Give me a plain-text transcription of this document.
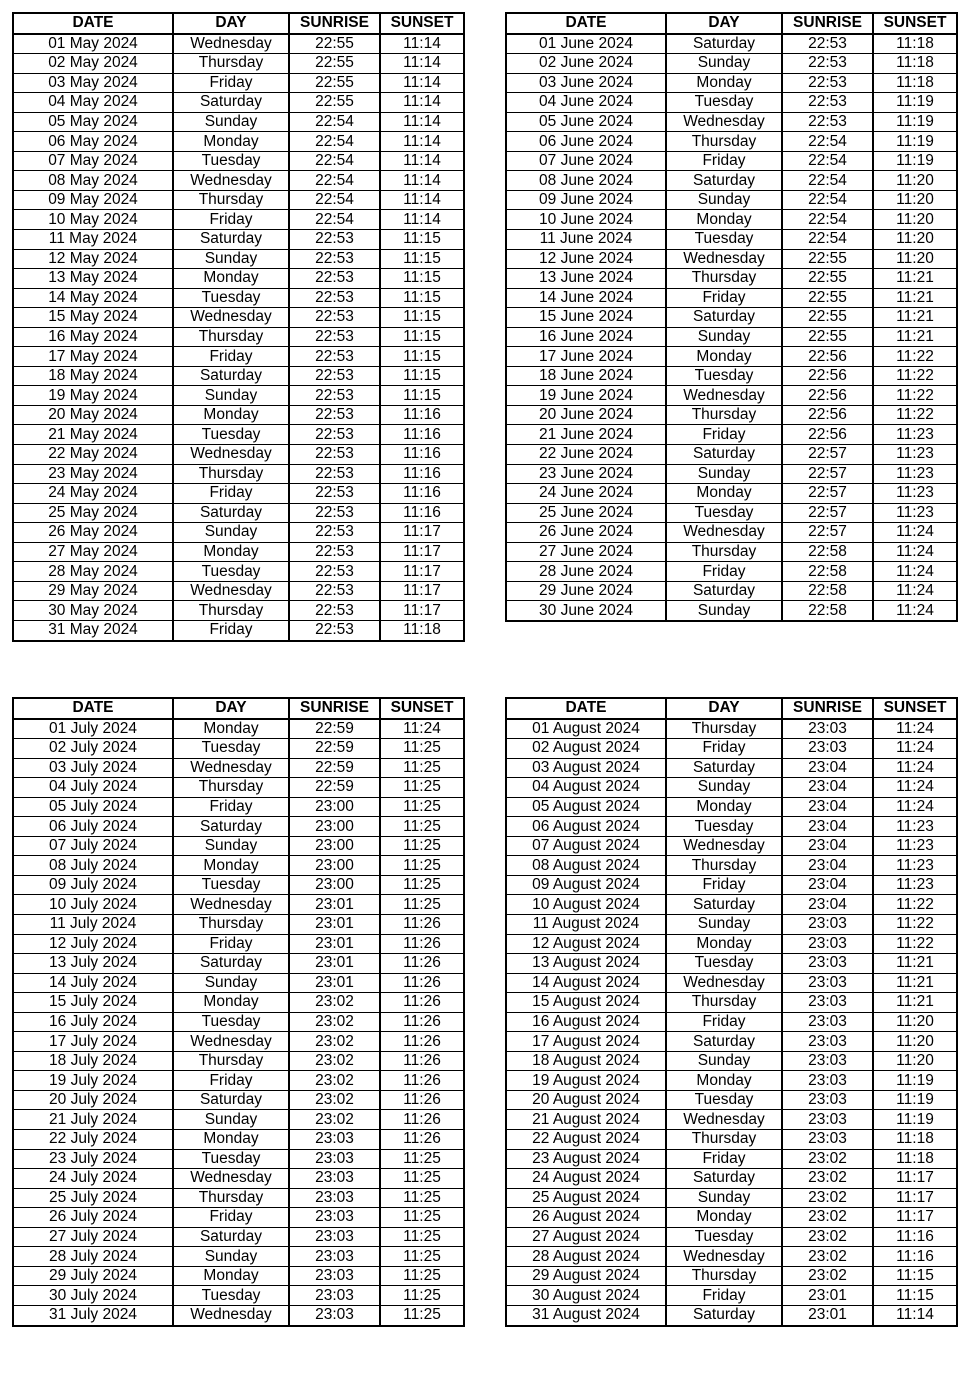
DATE	DAY	SUNRISE	SUNSET
01 May 2024	Wednesday	22:55	11:14
02 May 2024	Thursday	22:55	11:14
03 May 2024	Friday	22:55	11:14
04 May 2024	Saturday	22:55	11:14
05 May 2024	Sunday	22:54	11:14
06 May 2024	Monday	22:54	11:14
07 May 2024	Tuesday	22:54	11:14
08 May 2024	Wednesday	22:54	11:14
09 May 2024	Thursday	22:54	11:14
10 May 2024	Friday	22:54	11:14
11 May 2024	Saturday	22:53	11:15
12 May 2024	Sunday	22:53	11:15
13 May 2024	Monday	22:53	11:15
14 May 2024	Tuesday	22:53	11:15
15 May 2024	Wednesday	22:53	11:15
16 May 2024	Thursday	22:53	11:15
17 May 2024	Friday	22:53	11:15
18 May 2024	Saturday	22:53	11:15
19 May 2024	Sunday	22:53	11:15
20 May 2024	Monday	22:53	11:16
21 May 2024	Tuesday	22:53	11:16
22 May 2024	Wednesday	22:53	11:16
23 May 2024	Thursday	22:53	11:16
24 May 2024	Friday	22:53	11:16
25 May 2024	Saturday	22:53	11:16
26 May 2024	Sunday	22:53	11:17
27 May 2024	Monday	22:53	11:17
28 May 2024	Tuesday	22:53	11:17
29 May 2024	Wednesday	22:53	11:17
30 May 2024	Thursday	22:53	11:17
31 May 2024	Friday	22:53	11:18
DATE	DAY	SUNRISE	SUNSET
01 June 2024	Saturday	22:53	11:18
02 June 2024	Sunday	22:53	11:18
03 June 2024	Monday	22:53	11:18
04 June 2024	Tuesday	22:53	11:19
05 June 2024	Wednesday	22:53	11:19
06 June 2024	Thursday	22:54	11:19
07 June 2024	Friday	22:54	11:19
08 June 2024	Saturday	22:54	11:20
09 June 2024	Sunday	22:54	11:20
10 June 2024	Monday	22:54	11:20
11 June 2024	Tuesday	22:54	11:20
12 June 2024	Wednesday	22:55	11:20
13 June 2024	Thursday	22:55	11:21
14 June 2024	Friday	22:55	11:21
15 June 2024	Saturday	22:55	11:21
16 June 2024	Sunday	22:55	11:21
17 June 2024	Monday	22:56	11:22
18 June 2024	Tuesday	22:56	11:22
19 June 2024	Wednesday	22:56	11:22
20 June 2024	Thursday	22:56	11:22
21 June 2024	Friday	22:56	11:23
22 June 2024	Saturday	22:57	11:23
23 June 2024	Sunday	22:57	11:23
24 June 2024	Monday	22:57	11:23
25 June 2024	Tuesday	22:57	11:23
26 June 2024	Wednesday	22:57	11:24
27 June 2024	Thursday	22:58	11:24
28 June 2024	Friday	22:58	11:24
29 June 2024	Saturday	22:58	11:24
30 June 2024	Sunday	22:58	11:24
DATE	DAY	SUNRISE	SUNSET
01 July 2024	Monday	22:59	11:24
02 July 2024	Tuesday	22:59	11:25
03 July 2024	Wednesday	22:59	11:25
04 July 2024	Thursday	22:59	11:25
05 July 2024	Friday	23:00	11:25
06 July 2024	Saturday	23:00	11:25
07 July 2024	Sunday	23:00	11:25
08 July 2024	Monday	23:00	11:25
09 July 2024	Tuesday	23:00	11:25
10 July 2024	Wednesday	23:01	11:25
11 July 2024	Thursday	23:01	11:26
12 July 2024	Friday	23:01	11:26
13 July 2024	Saturday	23:01	11:26
14 July 2024	Sunday	23:01	11:26
15 July 2024	Monday	23:02	11:26
16 July 2024	Tuesday	23:02	11:26
17 July 2024	Wednesday	23:02	11:26
18 July 2024	Thursday	23:02	11:26
19 July 2024	Friday	23:02	11:26
20 July 2024	Saturday	23:02	11:26
21 July 2024	Sunday	23:02	11:26
22 July 2024	Monday	23:03	11:26
23 July 2024	Tuesday	23:03	11:25
24 July 2024	Wednesday	23:03	11:25
25 July 2024	Thursday	23:03	11:25
26 July 2024	Friday	23:03	11:25
27 July 2024	Saturday	23:03	11:25
28 July 2024	Sunday	23:03	11:25
29 July 2024	Monday	23:03	11:25
30 July 2024	Tuesday	23:03	11:25
31 July 2024	Wednesday	23:03	11:25
DATE	DAY	SUNRISE	SUNSET
01 August 2024	Thursday	23:03	11:24
02 August 2024	Friday	23:03	11:24
03 August 2024	Saturday	23:04	11:24
04 August 2024	Sunday	23:04	11:24
05 August 2024	Monday	23:04	11:24
06 August 2024	Tuesday	23:04	11:23
07 August 2024	Wednesday	23:04	11:23
08 August 2024	Thursday	23:04	11:23
09 August 2024	Friday	23:04	11:23
10 August 2024	Saturday	23:04	11:22
11 August 2024	Sunday	23:03	11:22
12 August 2024	Monday	23:03	11:22
13 August 2024	Tuesday	23:03	11:21
14 August 2024	Wednesday	23:03	11:21
15 August 2024	Thursday	23:03	11:21
16 August 2024	Friday	23:03	11:20
17 August 2024	Saturday	23:03	11:20
18 August 2024	Sunday	23:03	11:20
19 August 2024	Monday	23:03	11:19
20 August 2024	Tuesday	23:03	11:19
21 August 2024	Wednesday	23:03	11:19
22 August 2024	Thursday	23:03	11:18
23 August 2024	Friday	23:02	11:18
24 August 2024	Saturday	23:02	11:17
25 August 2024	Sunday	23:02	11:17
26 August 2024	Monday	23:02	11:17
27 August 2024	Tuesday	23:02	11:16
28 August 2024	Wednesday	23:02	11:16
29 August 2024	Thursday	23:02	11:15
30 August 2024	Friday	23:01	11:15
31 August 2024	Saturday	23:01	11:14
